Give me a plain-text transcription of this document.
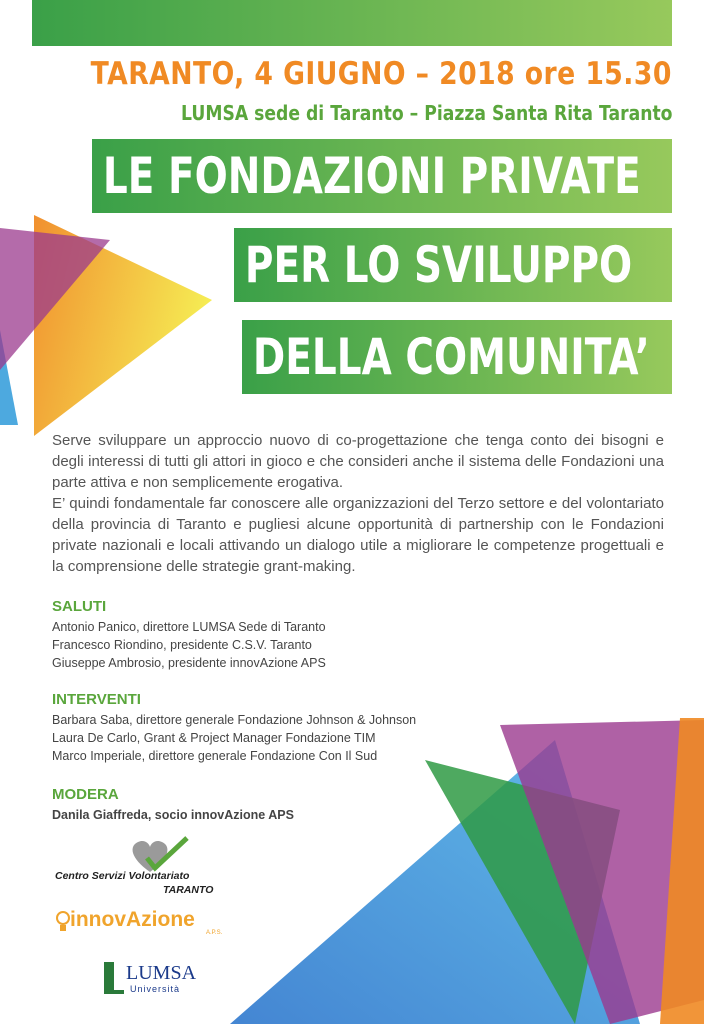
TARANTO, 4 GIUGNO – 2018 ore 15.30
LUMSA sede di Taranto – Piazza Santa Rita Taranto
LE FONDAZIONI PRIVATE
PER LO SVILUPPO
DELLA COMUNITA’

Serve sviluppare un approccio nuovo di co-progettazione che tenga conto dei bisogni e degli interessi di tutti gli attori in gioco e che consideri anche il sistema delle Fondazioni una parte attiva e non semplicemente erogativa.

E’ quindi fondamentale far conoscere alle organizzazioni del Terzo settore e del volontariato della provincia di Taranto e pugliesi alcune opportunità di partnership con le Fondazioni private nazionali e locali attivando un dialogo utile a migliorare le competenze progettuali e la comprensione delle strategie grant-making.

SALUTI
Antonio Panico, direttore LUMSA Sede di Taranto
Francesco Riondino, presidente C.S.V. Taranto
Giuseppe Ambrosio, presidente innovAzione APS
INTERVENTI
Barbara Saba, direttore generale Fondazione Johnson & Johnson
Laura De Carlo, Grant & Project Manager Fondazione TIM
Marco Imperiale, direttore generale Fondazione Con Il Sud
MODERA
Danila Giaffreda, socio innovAzione APS
Centro Servizi Volontariato
TARANTO
innovAzione
A.P.S.
LUMSA
Università
